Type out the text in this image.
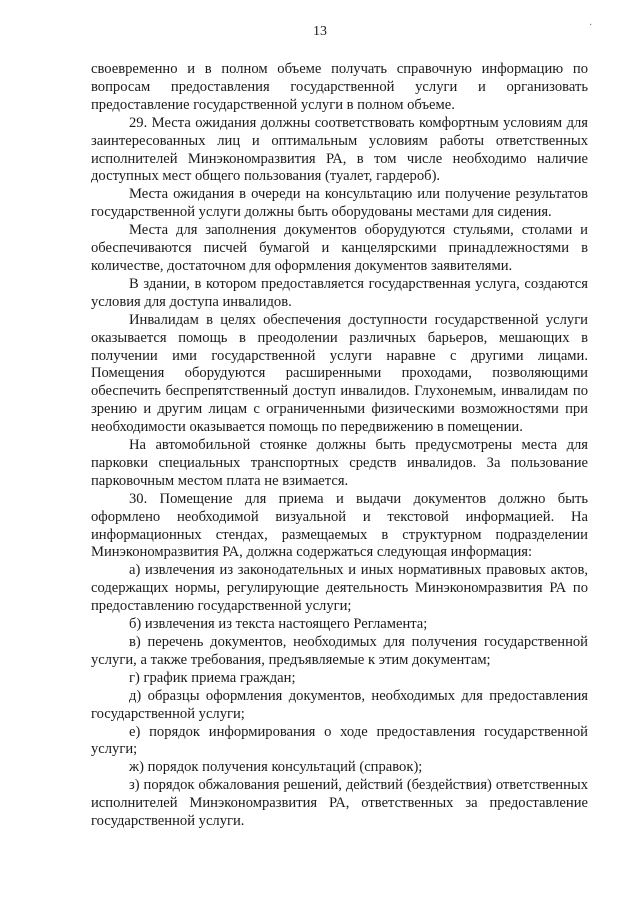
13	·

своевременно и в полном объеме получать справочную информацию по вопросам предоставления государственной услуги и организовать предоставление государственной услуги в полном объеме.

29. Места ожидания должны соответствовать комфортным условиям для заинтересованных лиц и оптимальным условиям работы ответственных исполнителей Минэкономразвития РА, в том числе необходимо наличие доступных мест общего пользования (туалет, гардероб).

Места ожидания в очереди на консультацию или получение результатов государственной услуги должны быть оборудованы местами для сидения.

Места для заполнения документов оборудуются стульями, столами и обеспечиваются писчей бумагой и канцелярскими принадлежностями в количестве, достаточном для оформления документов заявителями.

В здании, в котором предоставляется государственная услуга, создаются условия для доступа инвалидов.

Инвалидам в целях обеспечения доступности государственной услуги оказывается помощь в преодолении различных барьеров, мешающих в получении ими государственной услуги наравне с другими лицами. Помещения оборудуются расширенными проходами, позволяющими обеспечить беспрепятственный доступ инвалидов. Глухонемым, инвалидам по зрению и другим лицам с ограниченными физическими возможностями при необходимости оказывается помощь по передвижению в помещении.

На автомобильной стоянке должны быть предусмотрены места для парковки специальных транспортных средств инвалидов. За пользование парковочным местом плата не взимается.

30. Помещение для приема и выдачи документов должно быть оформлено необходимой визуальной и текстовой информацией. На информационных стендах, размещаемых в структурном подразделении Минэкономразвития РА, должна содержаться следующая информация:

а) извлечения из законодательных и иных нормативных правовых актов, содержащих нормы, регулирующие деятельность Минэкономразвития РА по предоставлению государственной услуги;

б) извлечения из текста настоящего Регламента;

в) перечень документов, необходимых для получения государственной услуги, а также требования, предъявляемые к этим документам;

г) график приема граждан;

д) образцы оформления документов, необходимых для предоставления государственной услуги;

е) порядок информирования о ходе предоставления государственной услуги;

ж) порядок получения консультаций (справок);

з) порядок обжалования решений, действий (бездействия) ответственных исполнителей Минэкономразвития РА, ответственных за предоставление государственной услуги.
